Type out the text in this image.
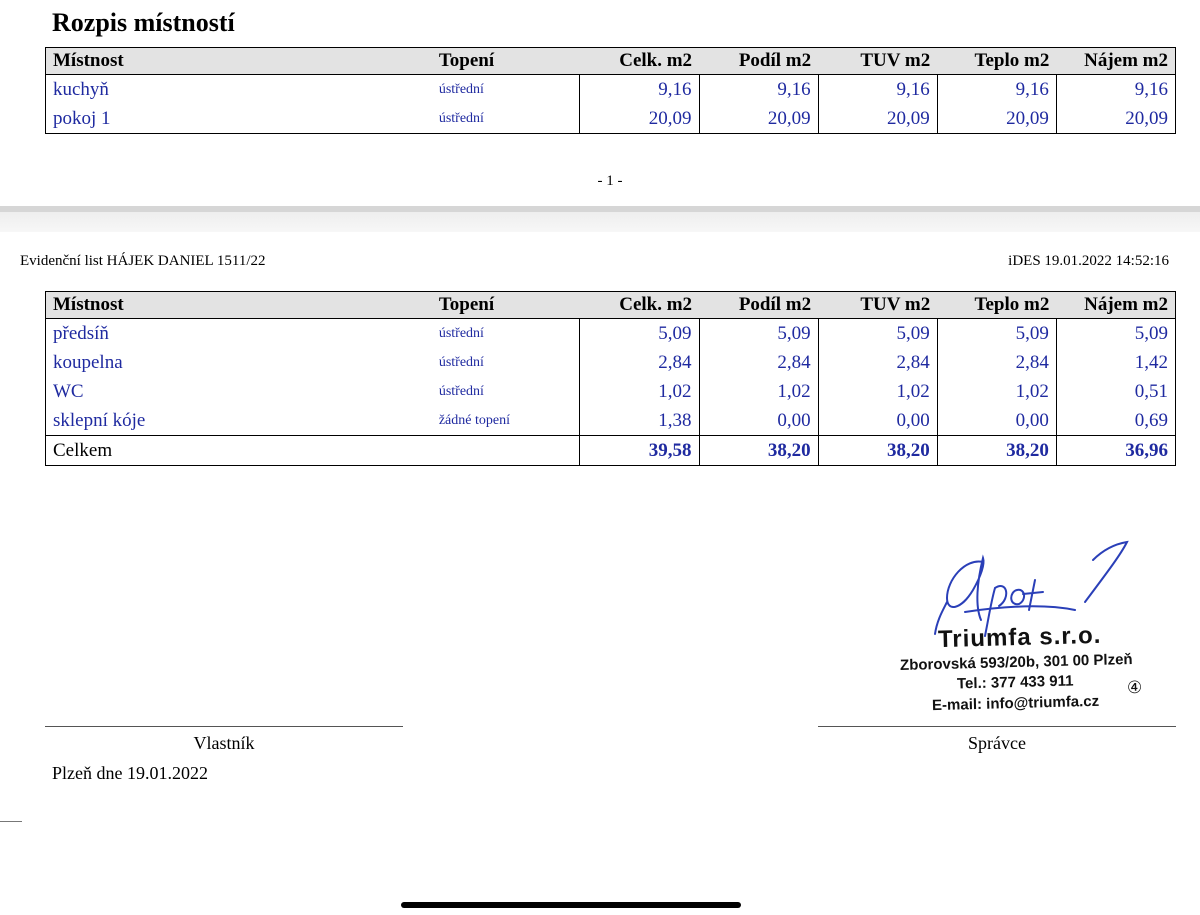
Rozpis místností
Místnost	Topení	Celk. m2	Podíl m2	TUV m2	Teplo m2	Nájem m2
kuchyň	ústřední	9,16	9,16	9,16	9,16	9,16
pokoj 1	ústřední	20,09	20,09	20,09	20,09	20,09
- 1 -
Evidenční list HÁJEK DANIEL 1511/22	iDES 19.01.2022 14:52:16
Místnost	Topení	Celk. m2	Podíl m2	TUV m2	Teplo m2	Nájem m2
předsíň	ústřední	5,09	5,09	5,09	5,09	5,09
koupelna	ústřední	2,84	2,84	2,84	2,84	1,42
WC	ústřední	1,02	1,02	1,02	1,02	0,51
sklepní kóje	žádné topení	1,38	0,00	0,00	0,00	0,69
Celkem		39,58	38,20	38,20	38,20	36,96
Triumfa s.r.o.
Zborovská 593/20b, 301 00 Plzeň
Tel.: 377 433 911	④
E-mail: info@triumfa.cz
Vlastník	Správce
Plzeň dne 19.01.2022
